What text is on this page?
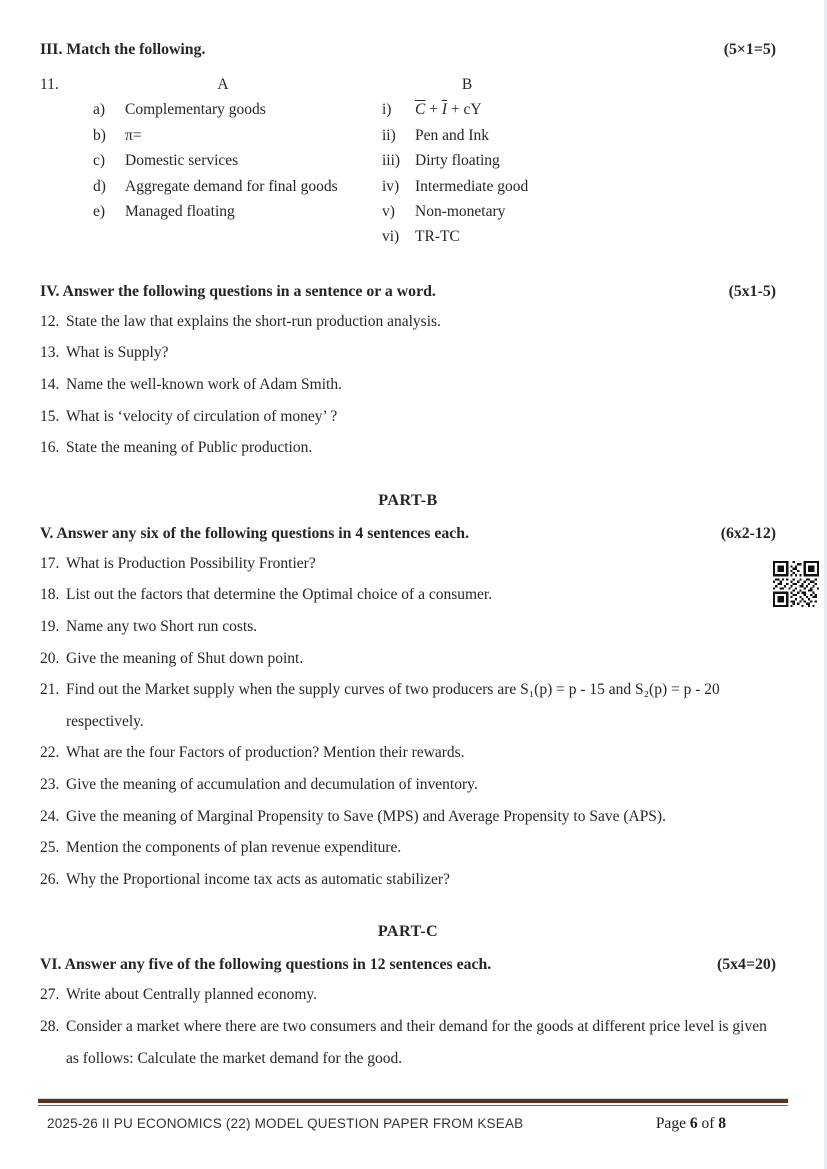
III. Match the following.	(5×1=5)
11.	A	B
a) Complementary goods	i) $\overline{C} + \overline{I}$ + cY
b) π=	ii) Pen and Ink
c) Domestic services	iii) Dirty floating
d) Aggregate demand for final goods	iv) Intermediate good
e) Managed floating	v) Non-monetary
vi) TR-TC
IV. Answer the following questions in a sentence or a word.	(5x1-5)
12. State the law that explains the short-run production analysis.
13. What is Supply?
14. Name the well-known work of Adam Smith.
15. What is ‘velocity of circulation of money’ ?
16. State the meaning of Public production.
PART-B
V. Answer any six of the following questions in 4 sentences each.	(6x2-12)
17. What is Production Possibility Frontier?
18. List out the factors that determine the Optimal choice of a consumer.
19. Name any two Short run costs.
20. Give the meaning of Shut down point.
21. Find out the Market supply when the supply curves of two producers are S₁(p) = p - 15 and S₂(p) = p - 20 respectively.
22. What are the four Factors of production? Mention their rewards.
23. Give the meaning of accumulation and decumulation of inventory.
24. Give the meaning of Marginal Propensity to Save (MPS) and Average Propensity to Save (APS).
25. Mention the components of plan revenue expenditure.
26. Why the Proportional income tax acts as automatic stabilizer?
PART-C
VI. Answer any five of the following questions in 12 sentences each.	(5x4=20)
27. Write about Centrally planned economy.
28. Consider a market where there are two consumers and their demand for the goods at different price level is given as follows: Calculate the market demand for the good.
2025-26 II PU ECONOMICS (22) MODEL QUESTION PAPER FROM KSEAB	Page 6 of 8
